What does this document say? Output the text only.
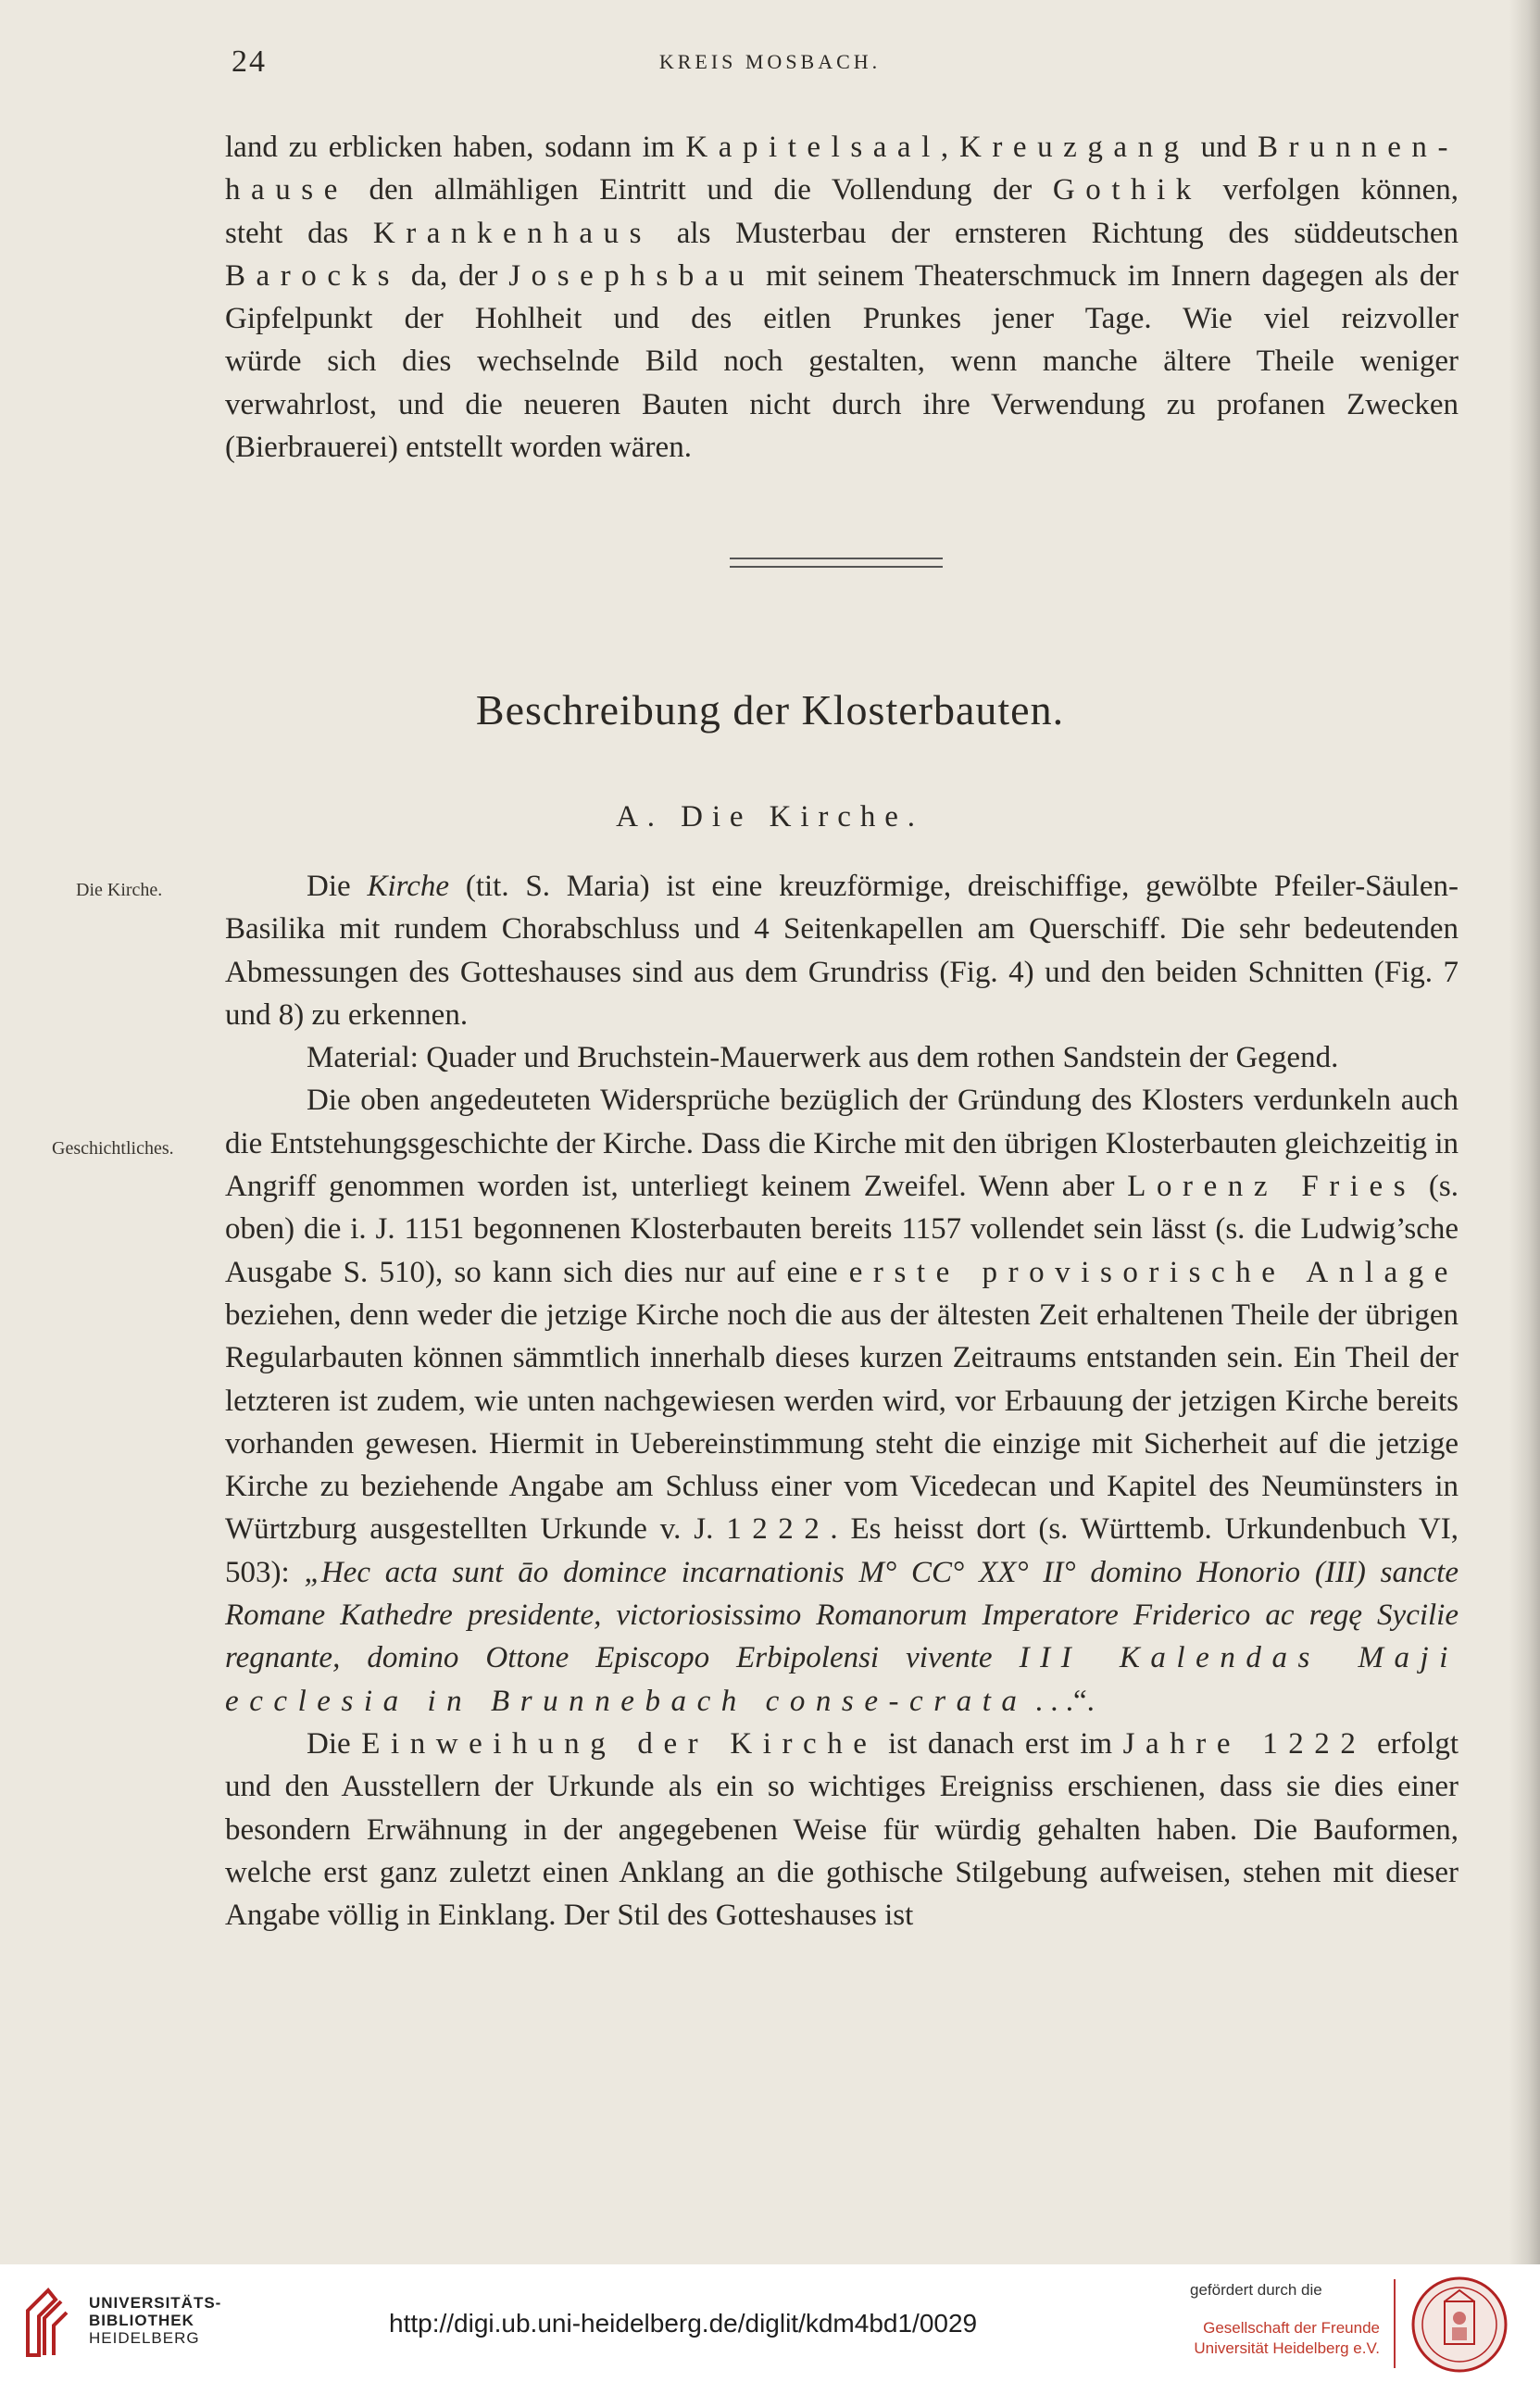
24	KREIS MOSBACH.
land zu erblicken haben, sodann im Kapitelsaal, Kreuzgang und Brunnen-
hause den allmähligen Eintritt und die Vollendung der Gothik verfolgen können,
steht das Krankenhaus als Musterbau der ernsteren Richtung des süddeutschen
Barocks da, der Josephsbau mit seinem Theaterschmuck im Innern dagegen als der
Gipfelpunkt der Hohlheit und des eitlen Prunkes jener Tage. Wie viel reizvoller
würde sich dies wechselnde Bild noch gestalten, wenn manche ältere Theile weniger
verwahrlost, und die neueren Bauten nicht durch ihre Verwendung zu profanen Zwecken
(Bierbrauerei) entstellt worden wären.
Beschreibung der Klosterbauten.
A. Die Kirche.
Die Kirche.
Geschichtliches.

Die Kirche (tit. S. Maria) ist eine kreuzförmige, dreischiffige, gewölbte Pfeiler-Säulen-Basilika mit rundem Chorabschluss und 4 Seitenkapellen am Querschiff. Die sehr bedeutenden Abmessungen des Gotteshauses sind aus dem Grundriss (Fig. 4) und den beiden Schnitten (Fig. 7 und 8) zu erkennen.

Material: Quader und Bruchstein-Mauerwerk aus dem rothen Sandstein der Gegend.

Die oben angedeuteten Widersprüche bezüglich der Gründung des Klosters verdunkeln auch die Entstehungsgeschichte der Kirche. Dass die Kirche mit den übrigen Klosterbauten gleichzeitig in Angriff genommen worden ist, unterliegt keinem Zweifel. Wenn aber Lorenz Fries (s. oben) die i. J. 1151 begonnenen Klosterbauten bereits 1157 vollendet sein lässt (s. die Ludwig’sche Ausgabe S. 510), so kann sich dies nur auf eine erste provisorische Anlage beziehen, denn weder die jetzige Kirche noch die aus der ältesten Zeit erhaltenen Theile der übrigen Regularbauten können sämmtlich innerhalb dieses kurzen Zeitraums entstanden sein. Ein Theil der letzteren ist zudem, wie unten nachgewiesen werden wird, vor Erbauung der jetzigen Kirche bereits vorhanden gewesen. Hiermit in Uebereinstimmung steht die einzige mit Sicherheit auf die jetzige Kirche zu beziehende Angabe am Schluss einer vom Vicedecan und Kapitel des Neumünsters in Würtzburg ausgestellten Urkunde v. J. 1222. Es heisst dort (s. Württemb. Urkundenbuch VI, 503): „Hec acta sunt āo domince incarnationis M° CC° XX° II° domino Honorio (III) sancte Romane Kathedre presidente, victoriosissimo Romanorum Imperatore Friderico ac regę Sycilie regnante, domino Ottone Episcopo Erbipolensi vivente III Kalendas Maji ecclesia in Brunnebach conse-crata . . .“.

Die Einweihung der Kirche ist danach erst im Jahre 1222 erfolgt und den Ausstellern der Urkunde als ein so wichtiges Ereigniss erschienen, dass sie dies einer besondern Erwähnung in der angegebenen Weise für würdig gehalten haben. Die Bauformen, welche erst ganz zuletzt einen Anklang an die gothische Stilgebung aufweisen, stehen mit dieser Angabe völlig in Einklang. Der Stil des Gotteshauses ist

UNIVERSITÄTS-
BIBLIOTHEK
HEIDELBERG
http://digi.ub.uni-heidelberg.de/diglit/kdm4bd1/0029
gefördert durch die
Gesellschaft der Freunde
Universität Heidelberg e.V.
